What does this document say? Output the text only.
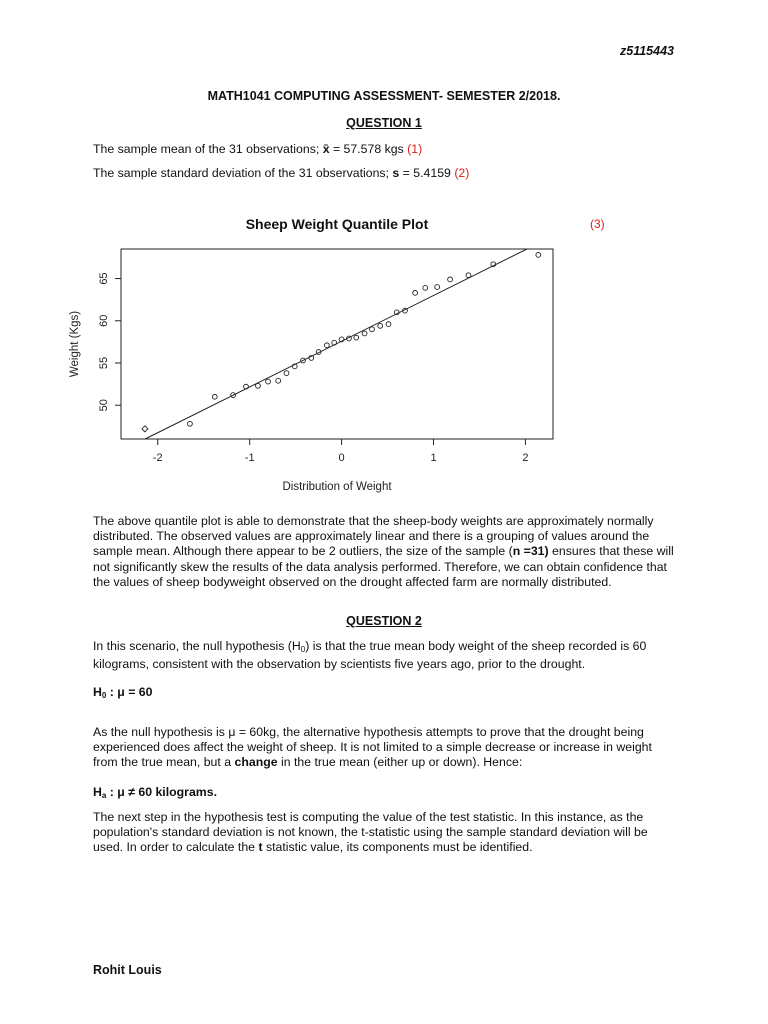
z5115443
MATH1041 COMPUTING ASSESSMENT- SEMESTER 2/2018.
QUESTION 1
The sample mean of the 31 observations; x̄ = 57.578 kgs (1)
The sample standard deviation of the 31 observations; s = 5.4159 (2)
Sheep Weight Quantile Plot
-2	-1	0	1	2
50
55
60
65
Distribution of Weight
Weight (Kgs)
(3)

The above quantile plot is able to demonstrate that the sheep-body weights are approximately normally distributed. The observed values are approximately linear and there is a grouping of values around the sample mean. Although there appear to be 2 outliers, the size of the sample (n =31) ensures that these will not significantly skew the results of the data analysis performed. Therefore, we can obtain confidence that the values of sheep bodyweight observed on the drought affected farm are normally distributed.

QUESTION 2

In this scenario, the null hypothesis $(H_0)$ is that the true mean body weight of the sheep recorded is 60 kilograms, consistent with the observation by scientists five years ago, prior to the drought.

$H_0$ : μ = 60

As the null hypothesis is μ = 60kg, the alternative hypothesis attempts to prove that the drought being experienced does affect the weight of sheep. It is not limited to a simple decrease or increase in weight from the true mean, but a change in the true mean (either up or down). Hence:

$H_a$ : μ ≠ 60 kilograms.

The next step in the hypothesis test is computing the value of the test statistic. In this instance, as the population's standard deviation is not known, the t-statistic using the sample standard deviation will be used. In order to calculate the t statistic value, its components must be identified.

Rohit Louis
